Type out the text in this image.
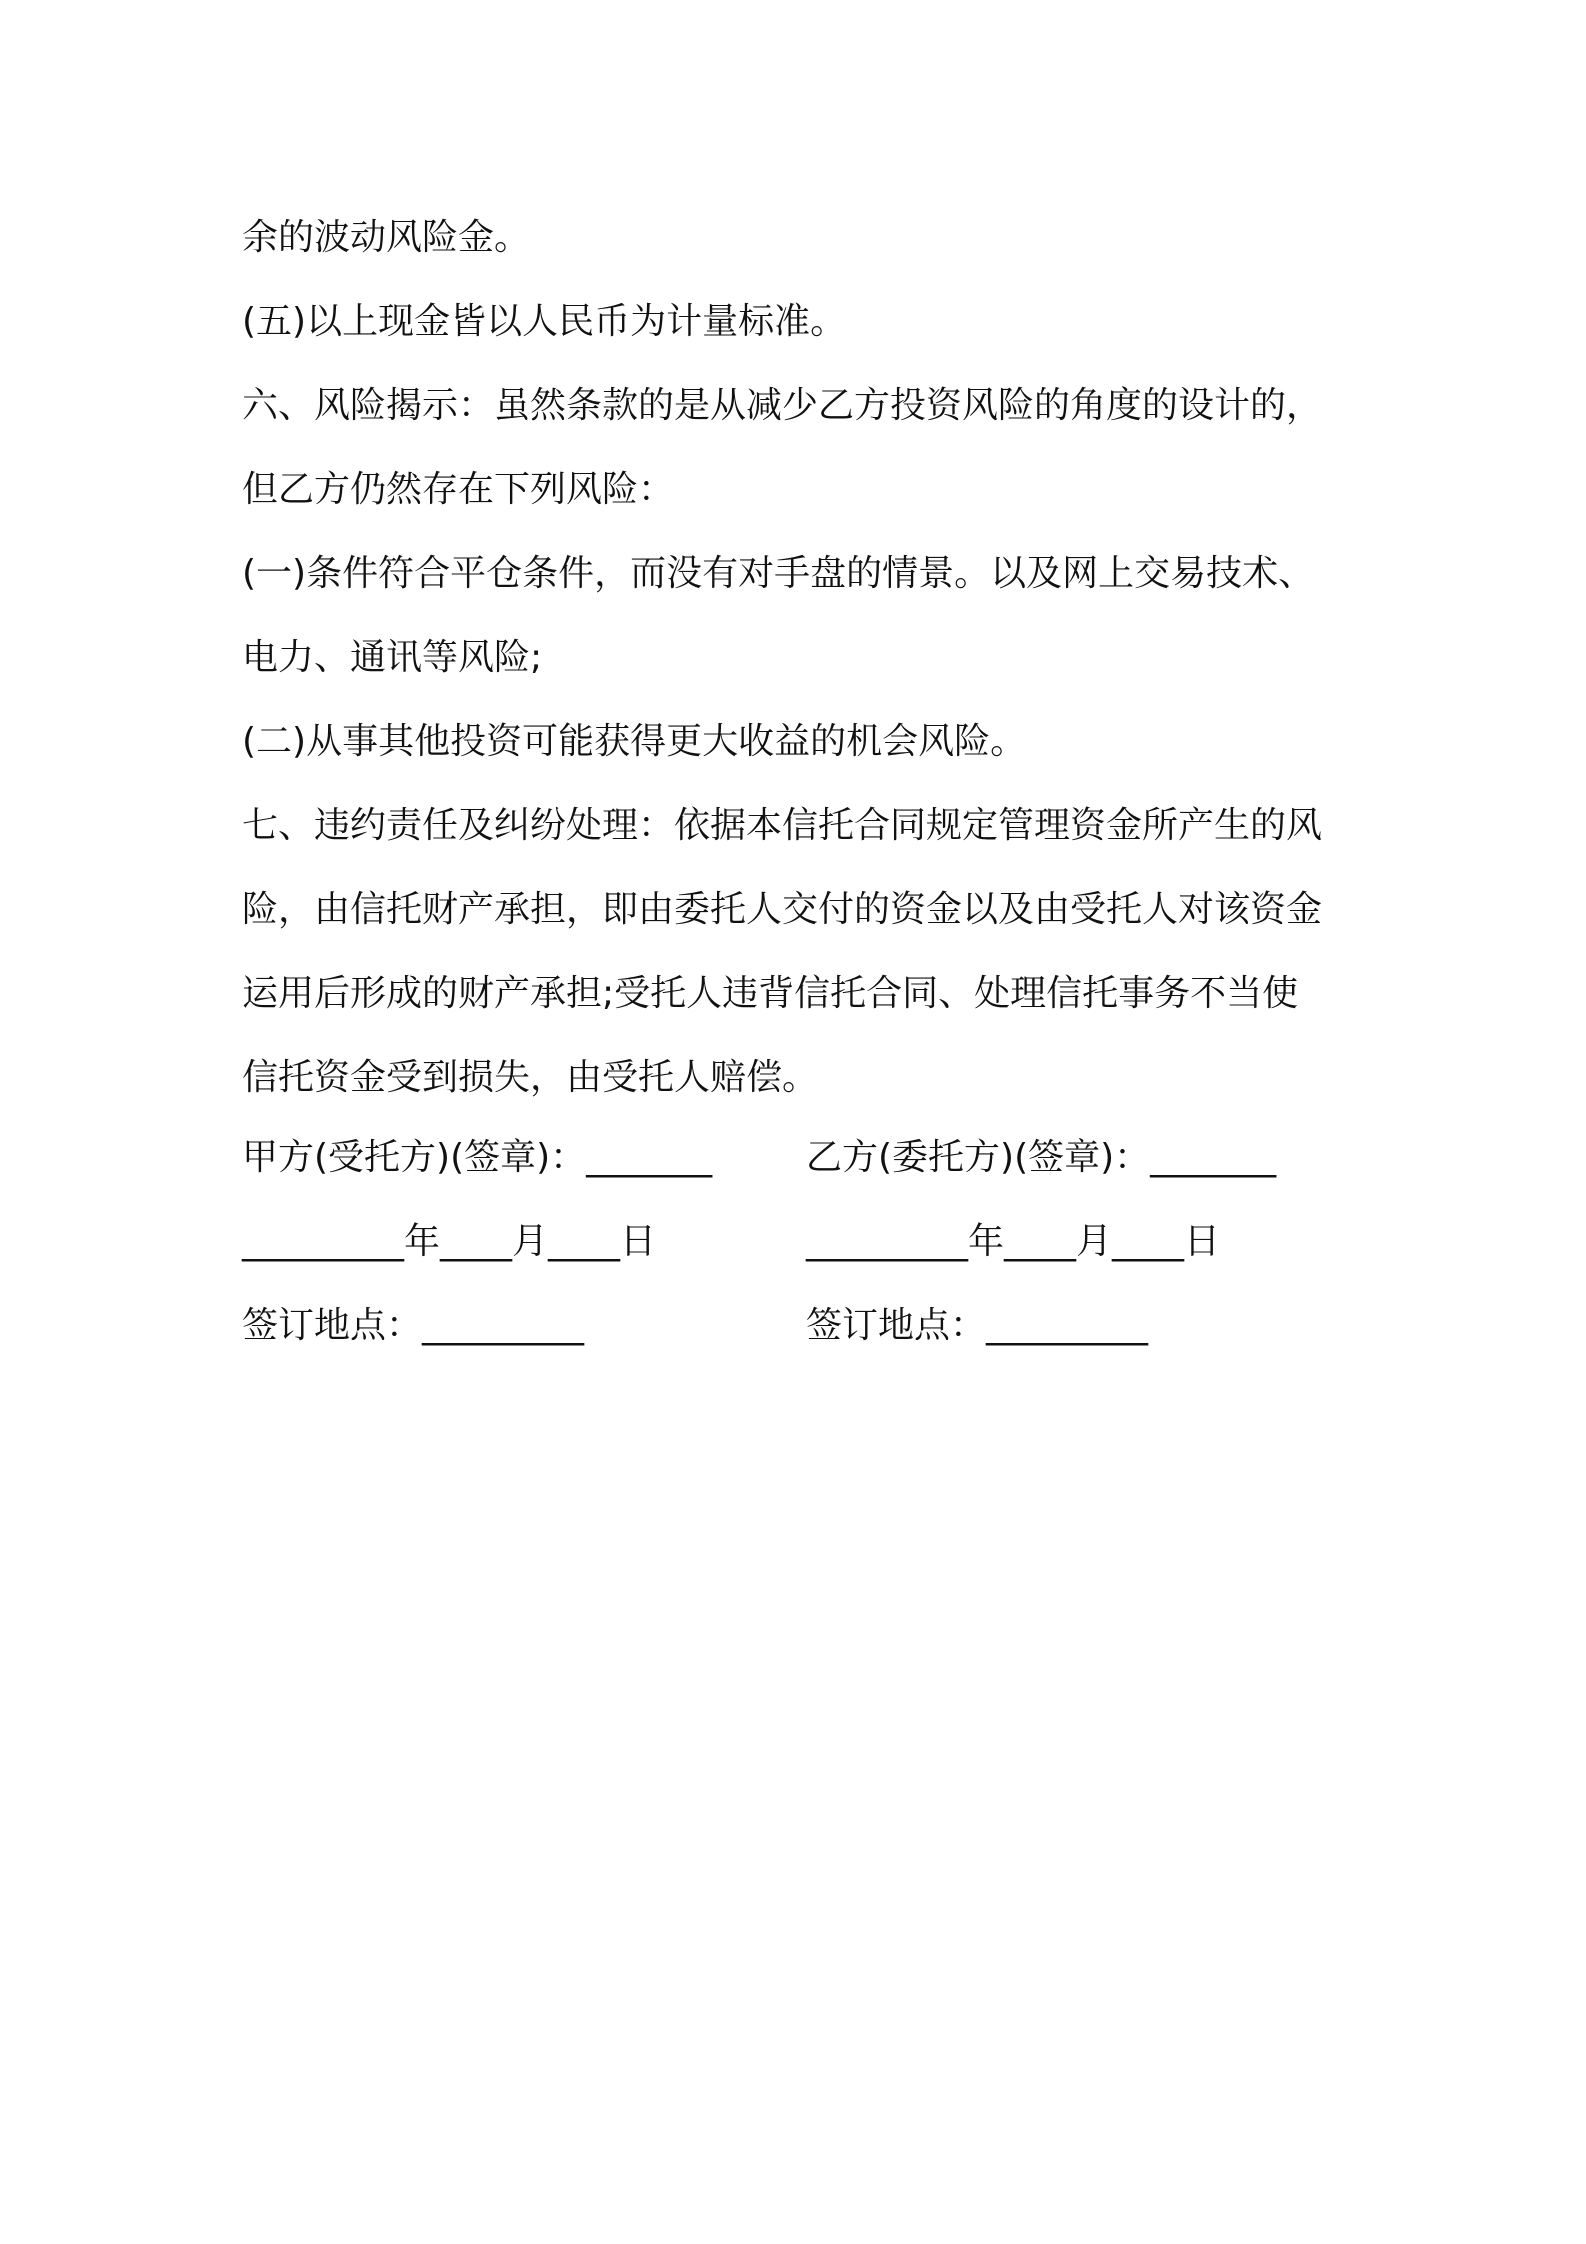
余的波动风险金。
(五)以上现金皆以人民币为计量标准。
六、风险揭示：虽然条款的是从减少乙方投资风险的角度的设计的，
但乙方仍然存在下列风险：
(一)条件符合平仓条件，而没有对手盘的情景。以及网上交易技术、
电力、通讯等风险;
(二)从事其他投资可能获得更大收益的机会风险。
七、违约责任及纠纷处理：依据本信托合同规定管理资金所产生的风
险，由信托财产承担，即由委托人交付的资金以及由受托人对该资金
运用后形成的财产承担;受托人违背信托合同、处理信托事务不当使
信托资金受到损失，由受托人赔偿。
甲方(受托方)(签章)：_______	乙方(委托方)(签章)：_______
_________年____月____日	_________年____月____日
签订地点：_________	签订地点：_________
